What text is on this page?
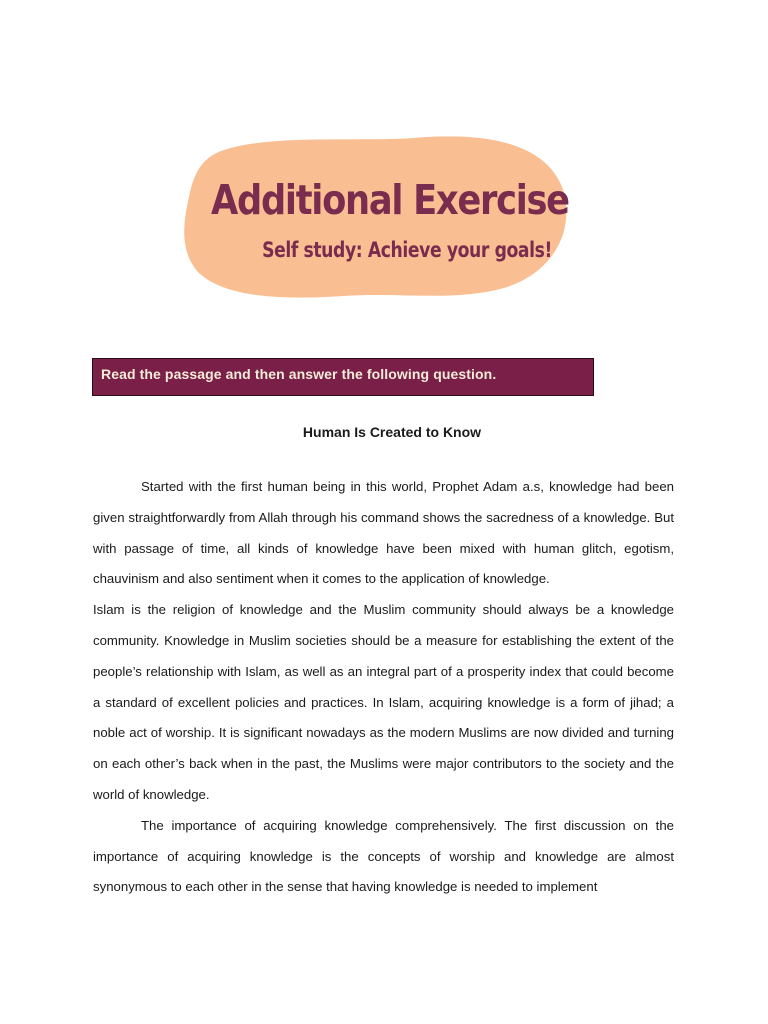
Additional Exercise
Self study: Achieve your goals!
Read the passage and then answer the following question.
Human Is Created to Know

Started with the first human being in this world, Prophet Adam a.s, knowledge had been given straightforwardly from Allah through his command shows the sacredness of a knowledge. But with passage of time, all kinds of knowledge have been mixed with human glitch, egotism, chauvinism and also sentiment when it comes to the application of knowledge.

Islam is the religion of knowledge and the Muslim community should always be a knowledge community. Knowledge in Muslim societies should be a measure for establishing the extent of the people’s relationship with Islam, as well as an integral part of a prosperity index that could become a standard of excellent policies and practices. In Islam, acquiring knowledge is a form of jihad; a noble act of worship. It is significant nowadays as the modern Muslims are now divided and turning on each other’s back when in the past, the Muslims were major contributors to the society and the world of knowledge.

The importance of acquiring knowledge comprehensively. The first discussion on the importance of acquiring knowledge is the concepts of worship and knowledge are almost synonymous to each other in the sense that having knowledge is needed to implement
